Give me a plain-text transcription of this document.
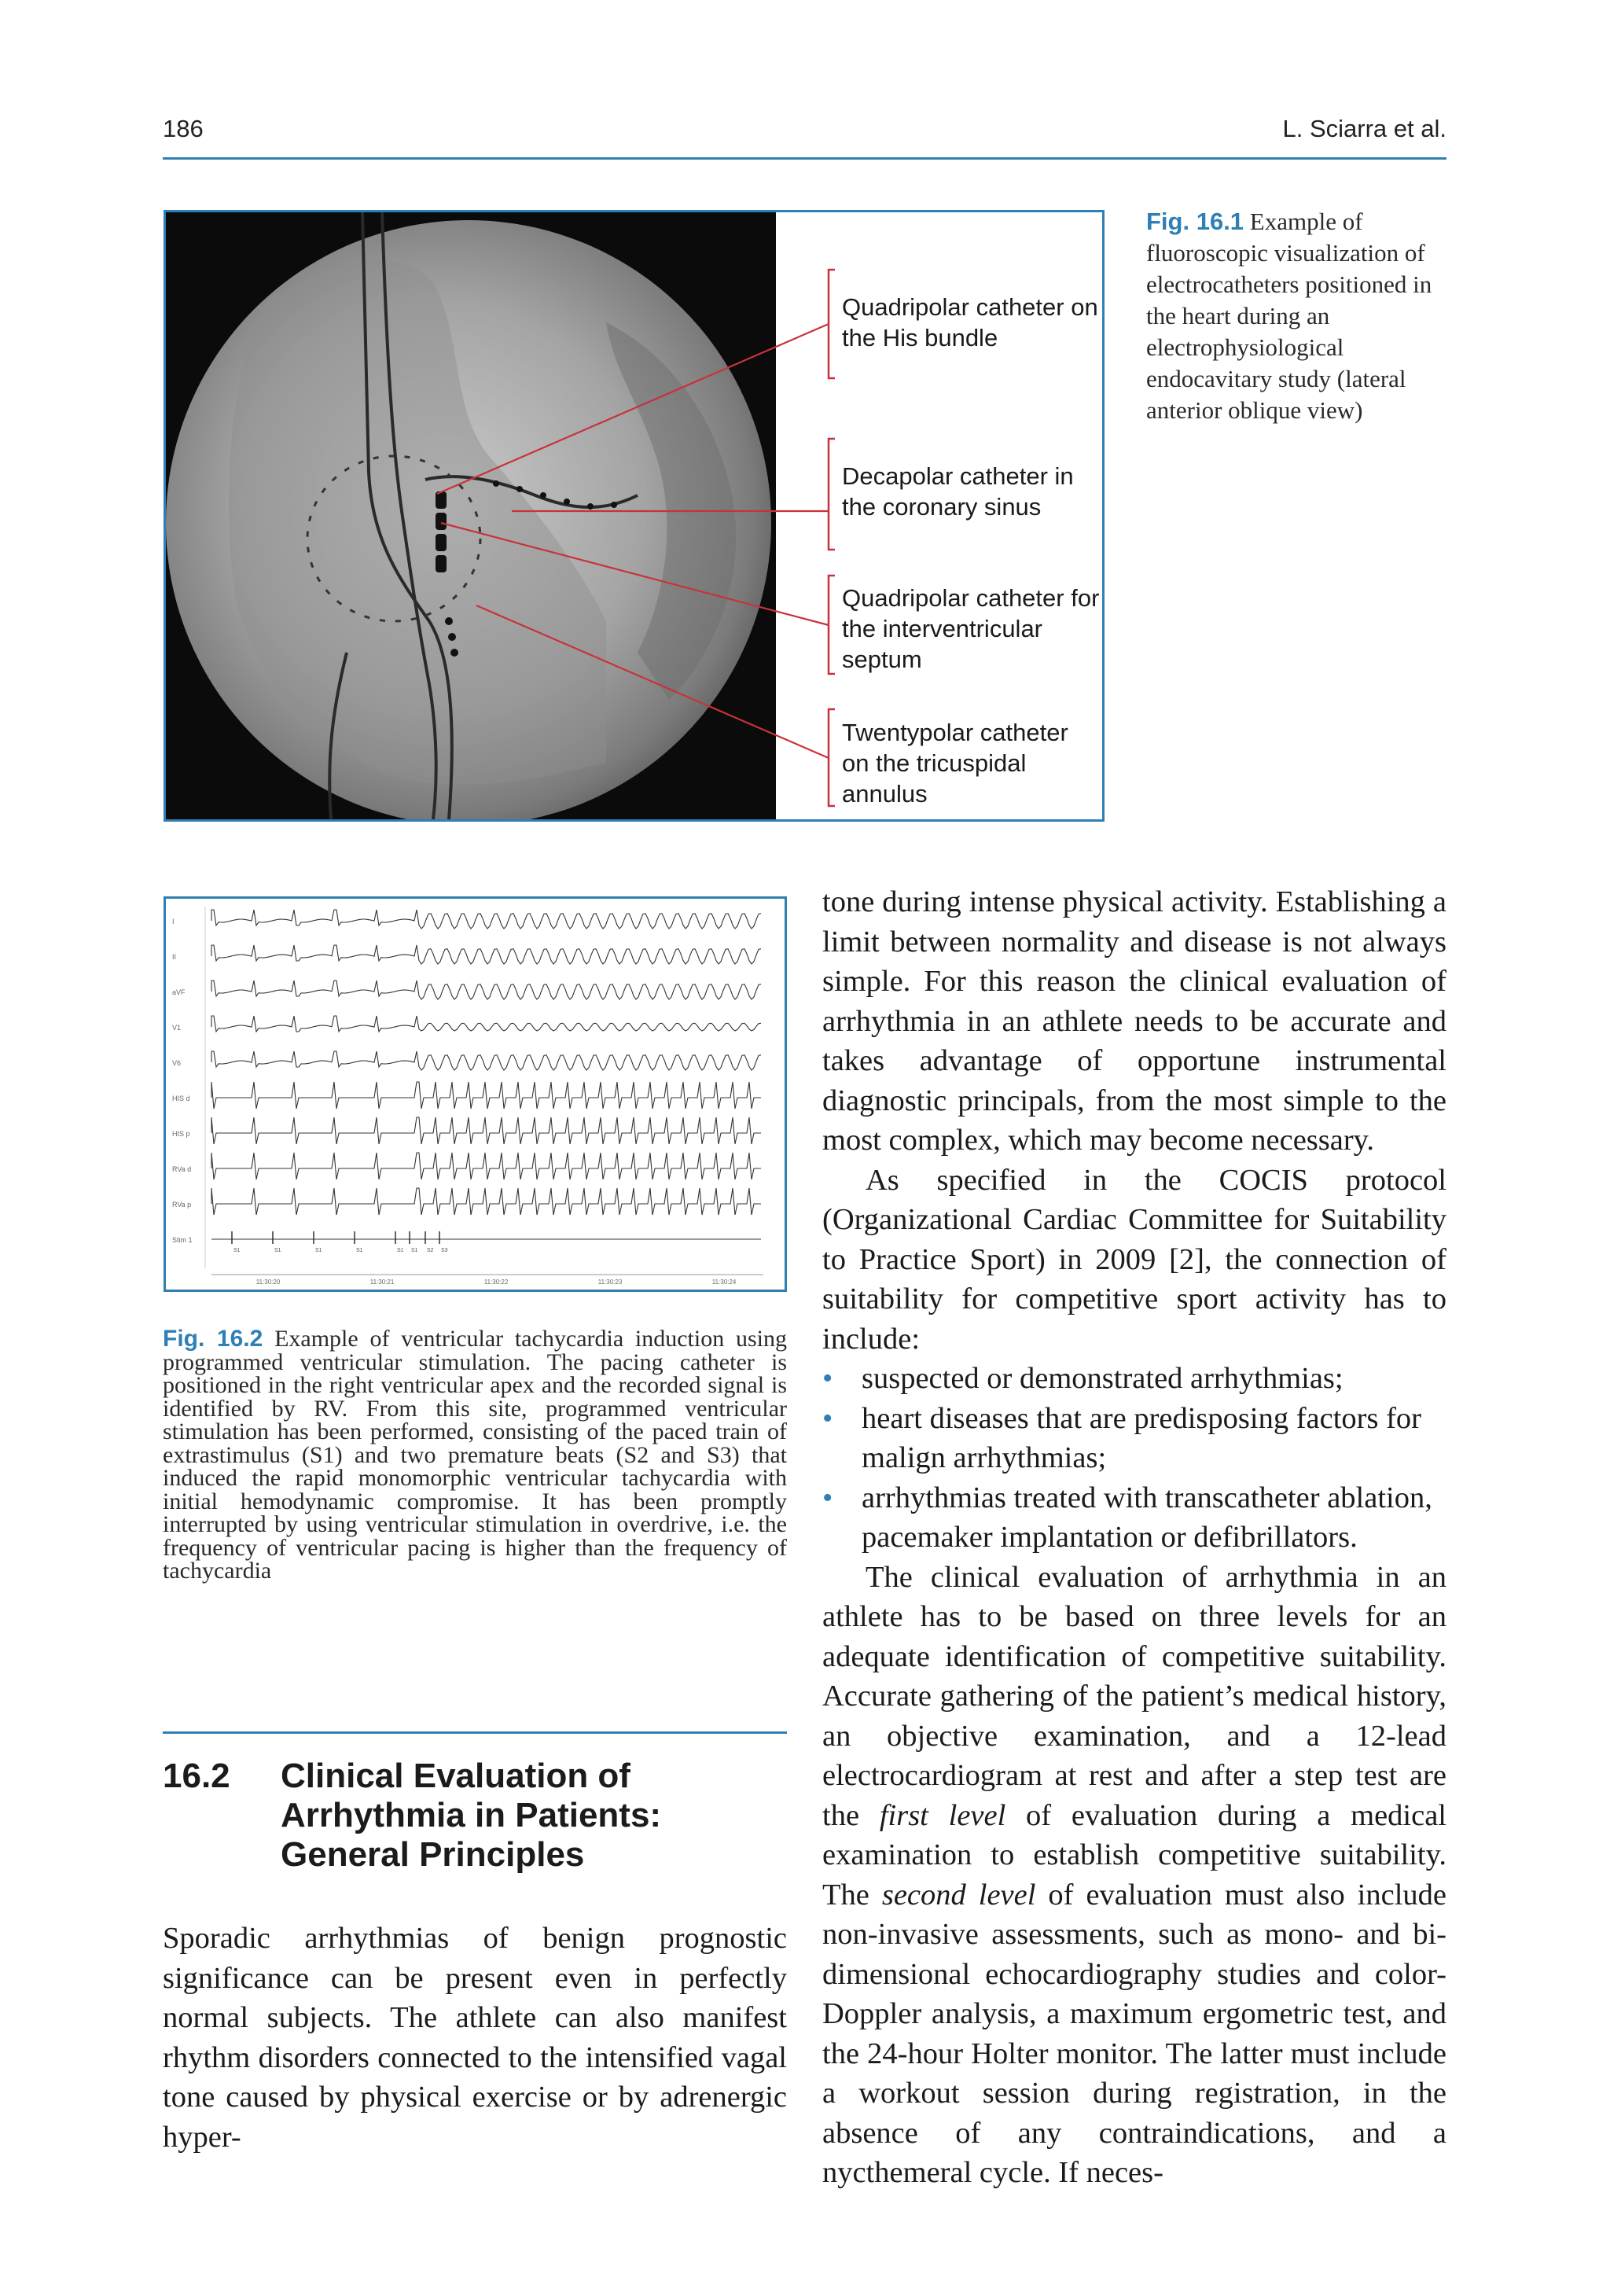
186	L. Sciarra et al.
Quadripolar catheter on the His bundle
Decapolar catheter in the coronary sinus
Quadripolar catheter for the interventricular septum
Twentypolar catheter on the tricuspidal annulus
Fig. 16.1 Example of fluoroscopic visualization of electrocatheters positioned in the heart during an electrophysiological endocavitary study (lateral anterior oblique view)
I
II
aVF
V1
V6
HIS d
HIS p
RVa d
RVa p
Stim 1
S1	S1	S1	S1	S1 S1 S2 S3
11:30:20	11:30:21	11:30:22	11:30:23	11:30:24
Fig. 16.2 Example of ventricular tachycardia induction using programmed ventricular stimulation. The pacing catheter is positioned in the right ventricular apex and the recorded signal is identified by RV. From this site, programmed ventricular stimulation has been performed, consisting of the paced train of extrastimulus (S1) and two premature beats (S2 and S3) that induced the rapid monomorphic ventricular tachycardia with initial hemodynamic compromise. It has been promptly interrupted by using ventricular stimulation in overdrive, i.e. the frequency of ventricular pacing is higher than the frequency of tachycardia
16.2 Clinical Evaluation of Arrhythmia in Patients: General Principles
Sporadic arrhythmias of benign prognostic significance can be present even in perfectly normal subjects. The athlete can also manifest rhythm disorders connected to the intensified vagal tone caused by physical exercise or by adrenergic hyper-

tone during intense physical activity. Establishing a limit between normality and disease is not always simple. For this reason the clinical evaluation of arrhythmia in an athlete needs to be accurate and takes advantage of opportune instrumental diagnostic principals, from the most simple to the most complex, which may become necessary.

As specified in the COCIS protocol (Organizational Cardiac Committee for Suitability to Practice Sport) in 2009 [2], the connection of suitability for competitive sport activity has to include:

• suspected or demonstrated arrhythmias;
• heart diseases that are predisposing factors for malign arrhythmias;
• arrhythmias treated with transcatheter ablation, pacemaker implantation or defibrillators.

The clinical evaluation of arrhythmia in an athlete has to be based on three levels for an adequate identification of competitive suitability. Accurate gathering of the patient’s medical history, an objective examination, and a 12-lead electrocardiogram at rest and after a step test are the first level of evaluation during a medical examination to establish competitive suitability. The second level of evaluation must also include non-invasive assessments, such as mono- and bi-dimensional echocardiography studies and color-Doppler analysis, a maximum ergometric test, and the 24-hour Holter monitor. The latter must include a workout session during registration, in the absence of any contraindications, and a nycthemeral cycle. If neces-
